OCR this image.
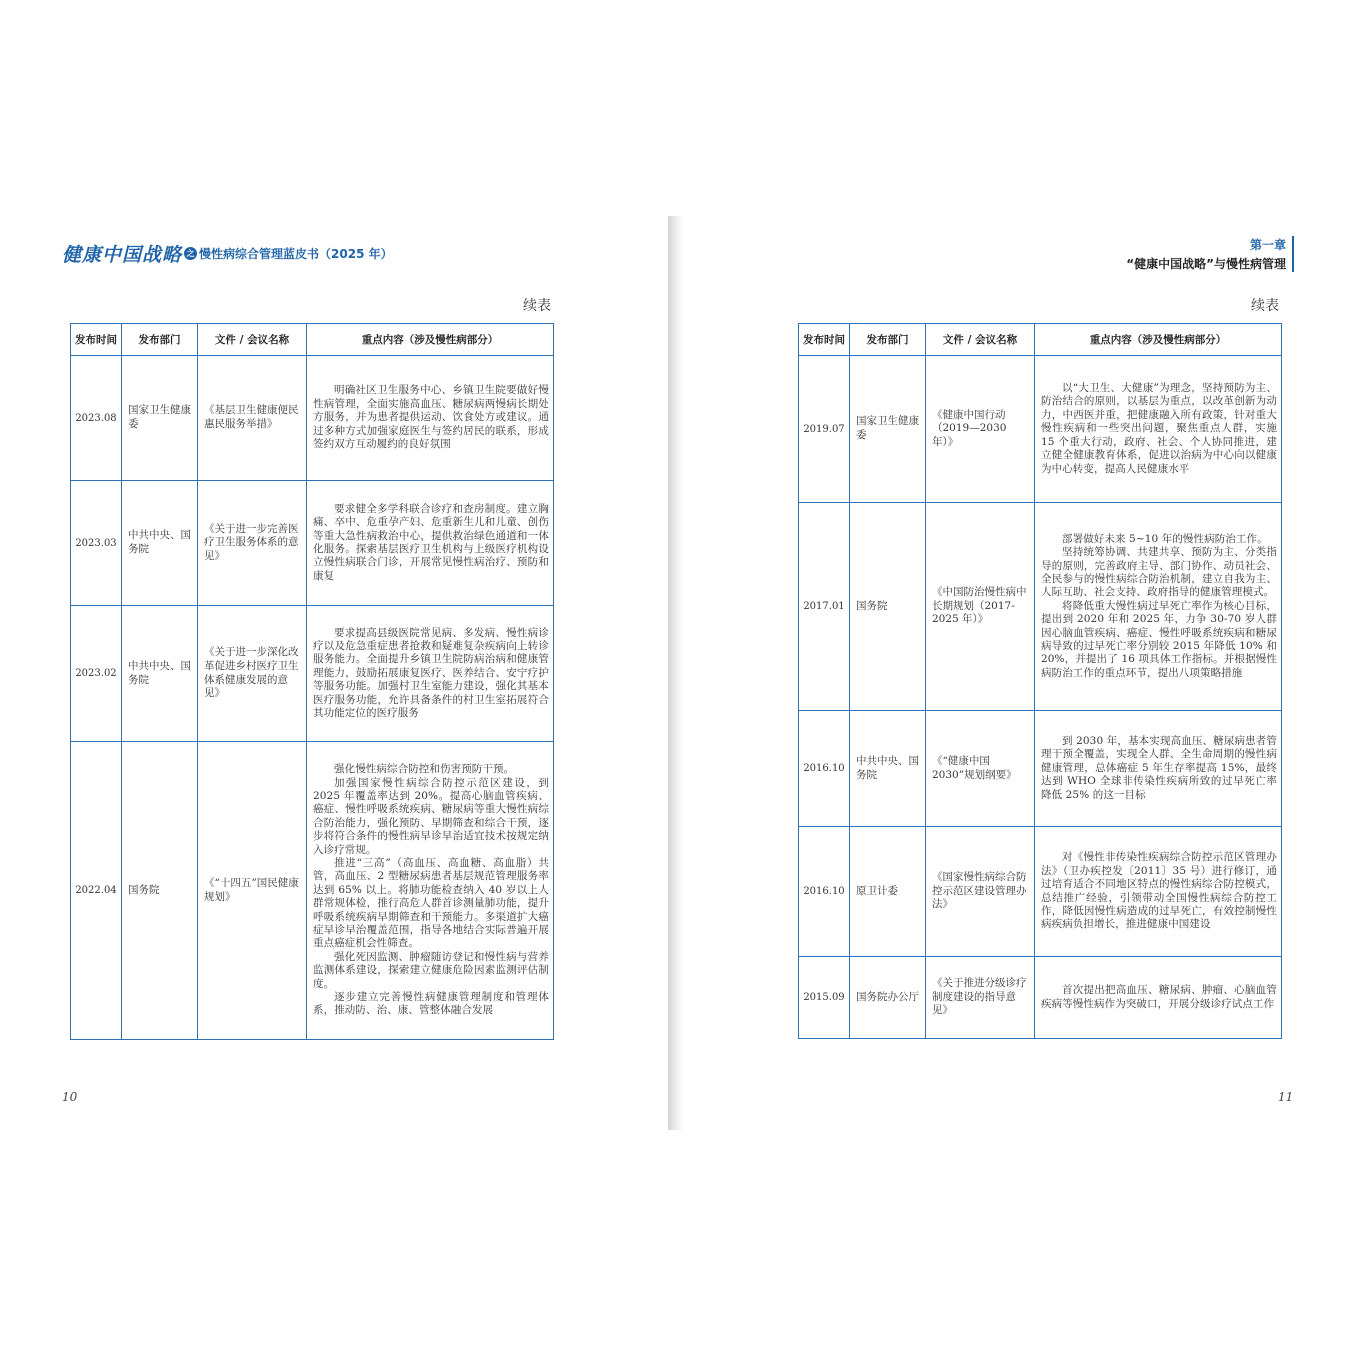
健康中国战略 之 慢性病综合管理蓝皮书（2025 年）
续表
发布时间	发布部门	文件 / 会议名称	重点内容（涉及慢性病部分）
2023.08	国家卫生健康委	《基层卫生健康便民惠民服务举措》	明确社区卫生服务中心、乡镇卫生院要做好慢性病管理，全面实施高血压、糖尿病两慢病长期处方服务，并为患者提供运动、饮食处方或建议。通过多种方式加强家庭医生与签约居民的联系，形成签约双方互动履约的良好氛围

2023.03	中共中央、国务院	《关于进一步完善医疗卫生服务体系的意见》	要求健全多学科联合诊疗和查房制度。建立胸痛、卒中、危重孕产妇、危重新生儿和儿童、创伤等重大急性病救治中心，提供救治绿色通道和一体化服务。探索基层医疗卫生机构与上级医疗机构设立慢性病联合门诊，开展常见慢性病治疗、预防和康复

2023.02	中共中央、国务院	《关于进一步深化改革促进乡村医疗卫生体系健康发展的意见》	要求提高县级医院常见病、多发病、慢性病诊疗以及危急重症患者抢救和疑难复杂疾病向上转诊服务能力。全面提升乡镇卫生院防病治病和健康管理能力，鼓励拓展康复医疗、医养结合、安宁疗护等服务功能。加强村卫生室能力建设，强化其基本医疗服务功能，允许具备条件的村卫生室拓展符合其功能定位的医疗服务

2022.04	国务院	《“十四五”国民健康规划》	强化慢性病综合防控和伤害预防干预。

加强国家慢性病综合防控示范区建设，到 2025 年覆盖率达到 20%。提高心脑血管疾病、癌症、慢性呼吸系统疾病、糖尿病等重大慢性病综合防治能力，强化预防、早期筛查和综合干预，逐步将符合条件的慢性病早诊早治适宜技术按规定纳入诊疗常规。

推进“三高”（高血压、高血糖、高血脂）共管，高血压、2 型糖尿病患者基层规范管理服务率达到 65% 以上。将肺功能检查纳入 40 岁以上人群常规体检，推行高危人群首诊测量肺功能，提升呼吸系统疾病早期筛查和干预能力。多渠道扩大癌症早诊早治覆盖范围，指导各地结合实际普遍开展重点癌症机会性筛查。

强化死因监测、肿瘤随访登记和慢性病与营养监测体系建设，探索建立健康危险因素监测评估制度。

逐步建立完善慢性病健康管理制度和管理体系，推动防、治、康、管整体融合发展

10
第一章
“健康中国战略”与慢性病管理
续表
发布时间	发布部门	文件 / 会议名称	重点内容（涉及慢性病部分）
2019.07	国家卫生健康委	《健康中国行动（2019—2030 年）》	以“大卫生、大健康”为理念，坚持预防为主、防治结合的原则，以基层为重点，以改革创新为动力，中西医并重，把健康融入所有政策，针对重大慢性疾病和一些突出问题，聚焦重点人群，实施 15 个重大行动，政府、社会、个人协同推进，建立健全健康教育体系，促进以治病为中心向以健康为中心转变，提高人民健康水平

2017.01	国务院	《中国防治慢性病中长期规划（2017-2025 年）》	部署做好未来 5~10 年的慢性病防治工作。

坚持统筹协调、共建共享、预防为主、分类指导的原则，完善政府主导、部门协作、动员社会、全民参与的慢性病综合防治机制，建立自我为主、人际互助、社会支持、政府指导的健康管理模式。

将降低重大慢性病过早死亡率作为核心目标，提出到 2020 年和 2025 年，力争 30-70 岁人群因心脑血管疾病、癌症、慢性呼吸系统疾病和糖尿病导致的过早死亡率分别较 2015 年降低 10% 和 20%，并提出了 16 项具体工作指标。并根据慢性病防治工作的重点环节，提出八项策略措施

2016.10	中共中央、国务院	《“健康中国 2030”规划纲要》	到 2030 年，基本实现高血压、糖尿病患者管理干预全覆盖，实现全人群、全生命周期的慢性病健康管理，总体癌症 5 年生存率提高 15%，最终达到 WHO 全球非传染性疾病所致的过早死亡率降低 25% 的这一目标

2016.10	原卫计委	《国家慢性病综合防控示范区建设管理办法》	对《慢性非传染性疾病综合防控示范区管理办法》（卫办疾控发〔2011〕35 号）进行修订，通过培育适合不同地区特点的慢性病综合防控模式，总结推广经验，引领带动全国慢性病综合防控工作，降低因慢性病造成的过早死亡，有效控制慢性病疾病负担增长，推进健康中国建设

2015.09	国务院办公厅	《关于推进分级诊疗制度建设的指导意见》	首次提出把高血压、糖尿病、肿瘤、心脑血管疾病等慢性病作为突破口，开展分级诊疗试点工作

11
